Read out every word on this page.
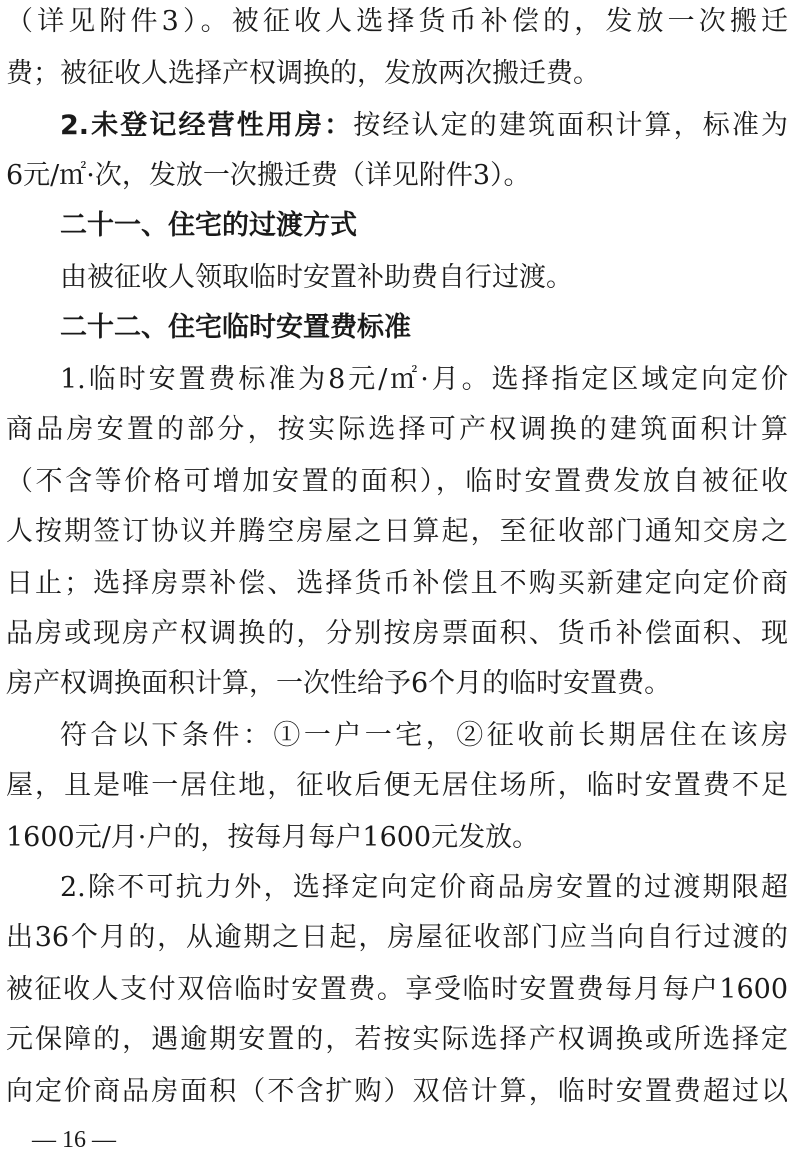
（详见附件3）。被征收人选择货币补偿的，发放一次搬迁
费；被征收人选择产权调换的，发放两次搬迁费。
2.未登记经营性用房：按经认定的建筑面积计算，标准为
6元/㎡·次，发放一次搬迁费（详见附件3）。
二十一、住宅的过渡方式
由被征收人领取临时安置补助费自行过渡。
二十二、住宅临时安置费标准
1.临时安置费标准为8元/㎡·月。选择指定区域定向定价
商品房安置的部分，按实际选择可产权调换的建筑面积计算
（不含等价格可增加安置的面积），临时安置费发放自被征收
人按期签订协议并腾空房屋之日算起，至征收部门通知交房之
日止；选择房票补偿、选择货币补偿且不购买新建定向定价商
品房或现房产权调换的，分别按房票面积、货币补偿面积、现
房产权调换面积计算，一次性给予6个月的临时安置费。
符合以下条件：①一户一宅，②征收前长期居住在该房
屋，且是唯一居住地，征收后便无居住场所，临时安置费不足
1600元/月·户的，按每月每户1600元发放。
2.除不可抗力外，选择定向定价商品房安置的过渡期限超
出36个月的，从逾期之日起，房屋征收部门应当向自行过渡的
被征收人支付双倍临时安置费。享受临时安置费每月每户1600
元保障的，遇逾期安置的，若按实际选择产权调换或所选择定
向定价商品房面积（不含扩购）双倍计算，临时安置费超过以
— 16 —
